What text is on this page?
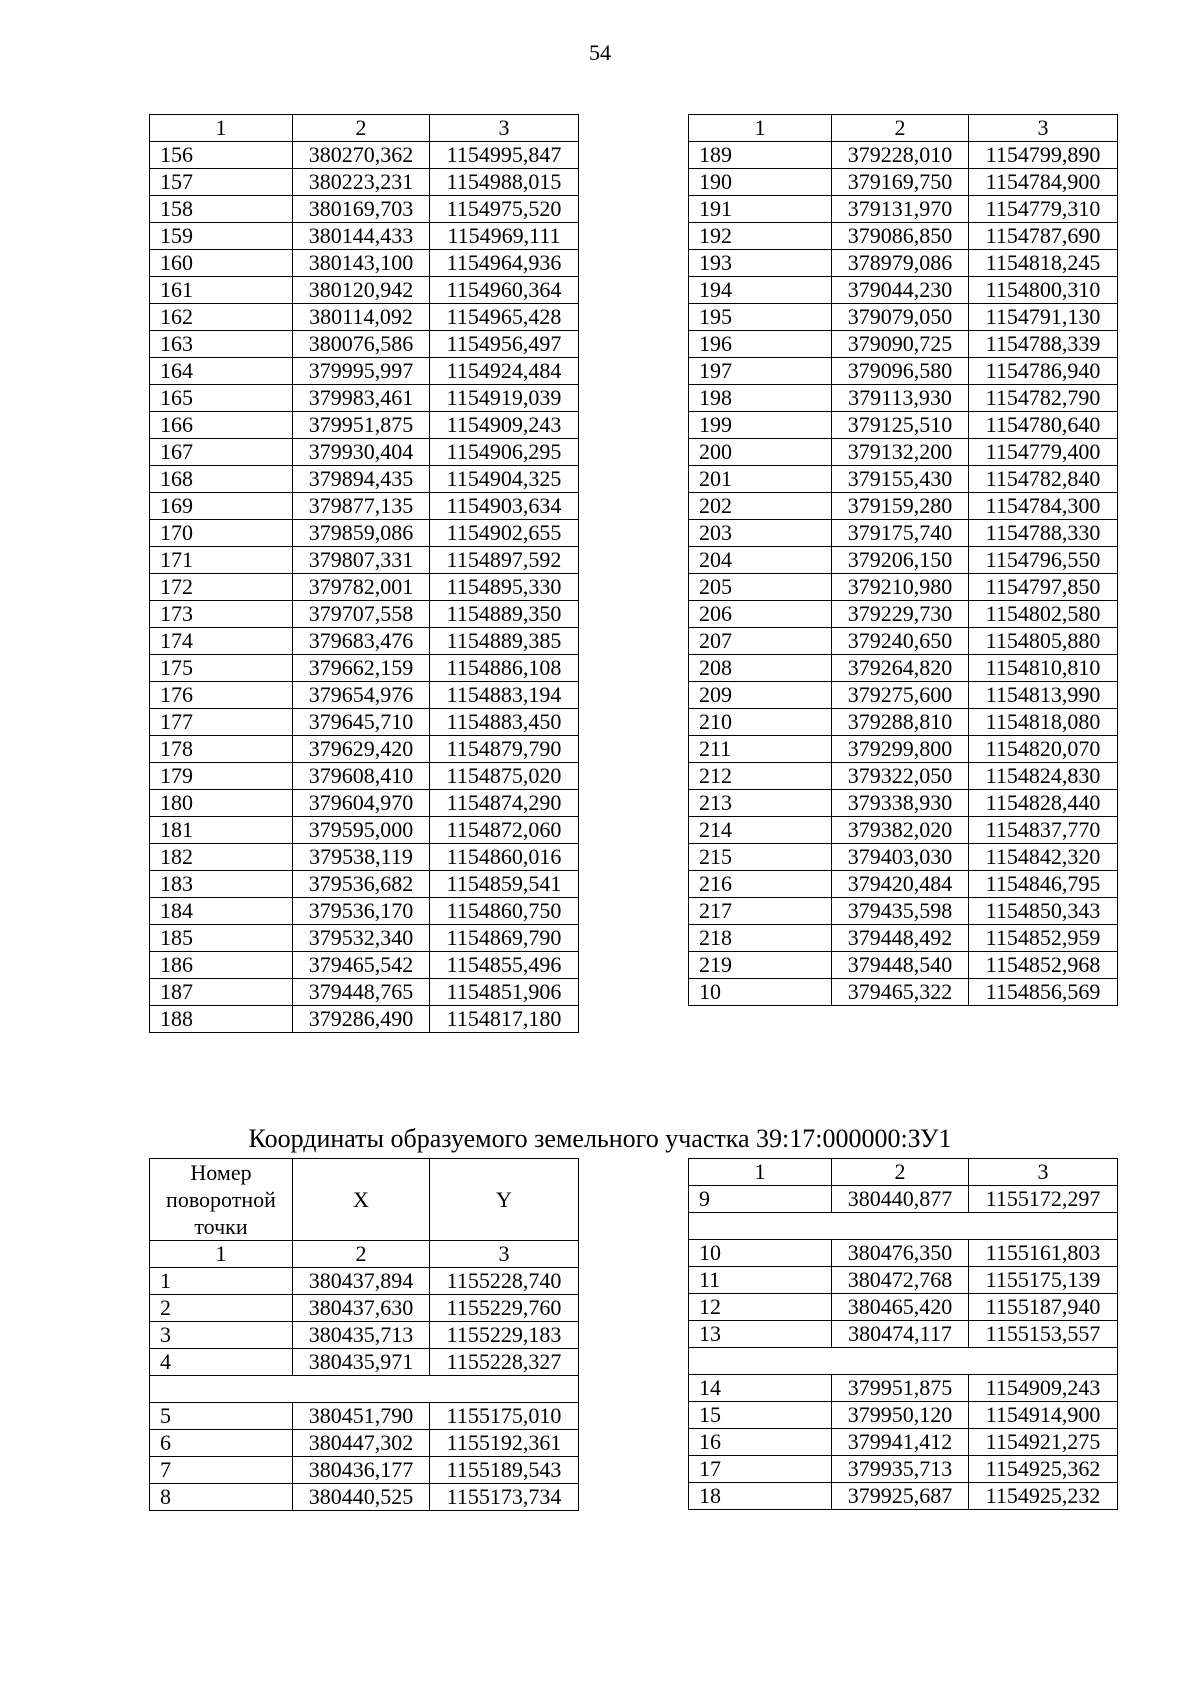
54
1	2	3
156	380270,362	1154995,847
157	380223,231	1154988,015
158	380169,703	1154975,520
159	380144,433	1154969,111
160	380143,100	1154964,936
161	380120,942	1154960,364
162	380114,092	1154965,428
163	380076,586	1154956,497
164	379995,997	1154924,484
165	379983,461	1154919,039
166	379951,875	1154909,243
167	379930,404	1154906,295
168	379894,435	1154904,325
169	379877,135	1154903,634
170	379859,086	1154902,655
171	379807,331	1154897,592
172	379782,001	1154895,330
173	379707,558	1154889,350
174	379683,476	1154889,385
175	379662,159	1154886,108
176	379654,976	1154883,194
177	379645,710	1154883,450
178	379629,420	1154879,790
179	379608,410	1154875,020
180	379604,970	1154874,290
181	379595,000	1154872,060
182	379538,119	1154860,016
183	379536,682	1154859,541
184	379536,170	1154860,750
185	379532,340	1154869,790
186	379465,542	1154855,496
187	379448,765	1154851,906
188	379286,490	1154817,180
1	2	3
189	379228,010	1154799,890
190	379169,750	1154784,900
191	379131,970	1154779,310
192	379086,850	1154787,690
193	378979,086	1154818,245
194	379044,230	1154800,310
195	379079,050	1154791,130
196	379090,725	1154788,339
197	379096,580	1154786,940
198	379113,930	1154782,790
199	379125,510	1154780,640
200	379132,200	1154779,400
201	379155,430	1154782,840
202	379159,280	1154784,300
203	379175,740	1154788,330
204	379206,150	1154796,550
205	379210,980	1154797,850
206	379229,730	1154802,580
207	379240,650	1154805,880
208	379264,820	1154810,810
209	379275,600	1154813,990
210	379288,810	1154818,080
211	379299,800	1154820,070
212	379322,050	1154824,830
213	379338,930	1154828,440
214	379382,020	1154837,770
215	379403,030	1154842,320
216	379420,484	1154846,795
217	379435,598	1154850,343
218	379448,492	1154852,959
219	379448,540	1154852,968
10	379465,322	1154856,569
Координаты образуемого земельного участка 39:17:000000:ЗУ1
Номер
поворотной
точки	X	Y
1	2	3
1	380437,894	1155228,740
2	380437,630	1155229,760
3	380435,713	1155229,183
4	380435,971	1155228,327

5	380451,790	1155175,010
6	380447,302	1155192,361
7	380436,177	1155189,543
8	380440,525	1155173,734
1	2	3
9	380440,877	1155172,297

10	380476,350	1155161,803
11	380472,768	1155175,139
12	380465,420	1155187,940
13	380474,117	1155153,557

14	379951,875	1154909,243
15	379950,120	1154914,900
16	379941,412	1154921,275
17	379935,713	1154925,362
18	379925,687	1154925,232
